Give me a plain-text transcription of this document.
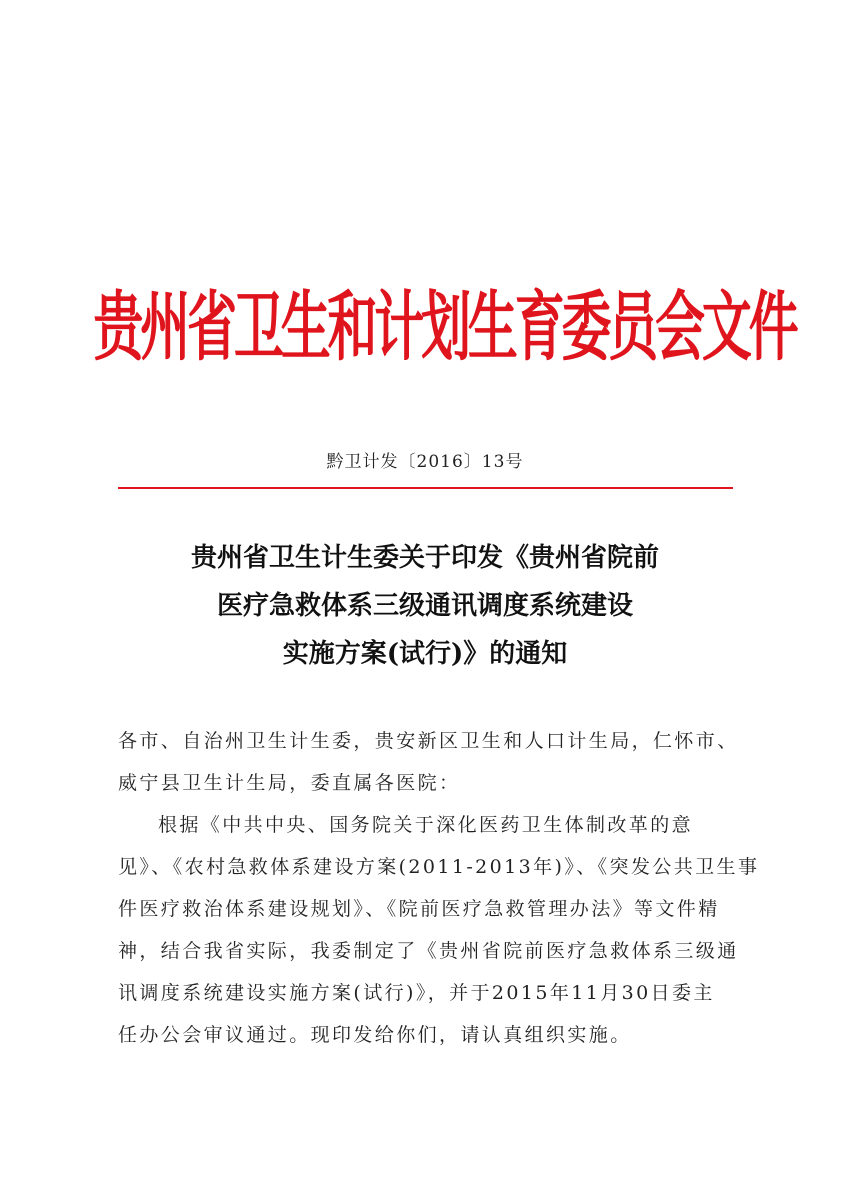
贵州省卫生和计划生育委员会文件
黔卫计发〔2016〕13号
贵州省卫生计生委关于印发《贵州省院前
医疗急救体系三级通讯调度系统建设
实施方案(试行)》的通知
各市、自治州卫生计生委，贵安新区卫生和人口计生局，仁怀市、
威宁县卫生计生局，委直属各医院：
根据《中共中央、国务院关于深化医药卫生体制改革的意
见》、《农村急救体系建设方案(2011-2013年)》、《突发公共卫生事
件医疗救治体系建设规划》、《院前医疗急救管理办法》等文件精
神，结合我省实际，我委制定了《贵州省院前医疗急救体系三级通
讯调度系统建设实施方案(试行)》，并于2015年11月30日委主
任办公会审议通过。现印发给你们，请认真组织实施。
